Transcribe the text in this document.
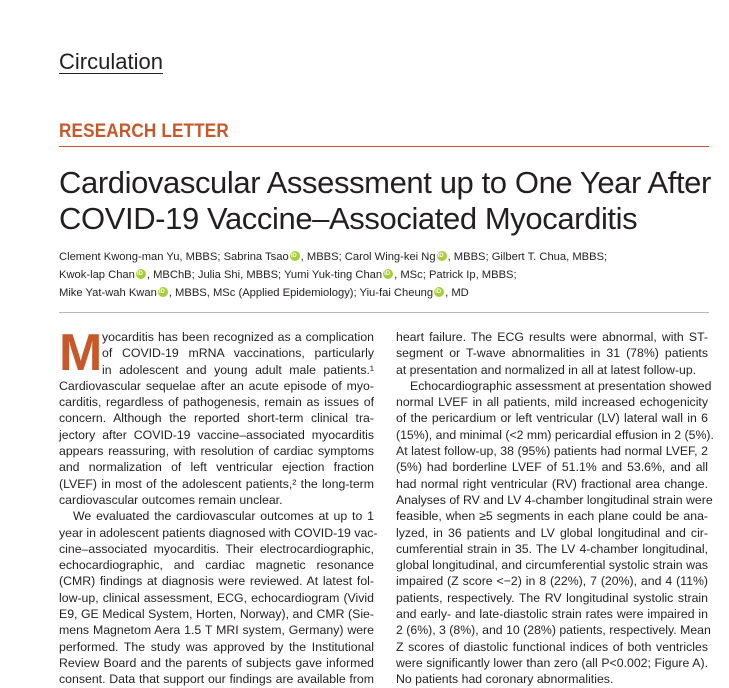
Circulation
RESEARCH LETTER
Cardiovascular Assessment up to One Year After
COVID-19 Vaccine–Associated Myocarditis
Clement Kwong-man Yu, MBBS; Sabrina Tsao iD , MBBS; Carol Wing-kei Ng iD , MBBS; Gilbert T. Chua, MBBS;
Kwok-lap Chan iD , MBChB; Julia Shi, MBBS; Yumi Yuk-ting Chan iD , MSc; Patrick Ip, MBBS;
Mike Yat-wah Kwan iD , MBBS, MSc (Applied Epidemiology); Yiu-fai Cheung iD , MD
M yocarditis has been recognized as a complication
of COVID-19 mRNA vaccinations, particularly
in adolescent and young adult male patients.¹
Cardiovascular sequelae after an acute episode of myo-
carditis, regardless of pathogenesis, remain as issues of
concern. Although the reported short-term clinical tra-
jectory after COVID-19 vaccine–associated myocarditis
appears reassuring, with resolution of cardiac symptoms
and normalization of left ventricular ejection fraction
(LVEF) in most of the adolescent patients,² the long-term
cardiovascular outcomes remain unclear.
We evaluated the cardiovascular outcomes at up to 1
year in adolescent patients diagnosed with COVID-19 vac-
cine–associated myocarditis. Their electrocardiographic,
echocardiographic, and cardiac magnetic resonance
(CMR) findings at diagnosis were reviewed. At latest fol-
low-up, clinical assessment, ECG, echocardiogram (Vivid
E9, GE Medical System, Horten, Norway), and CMR (Sie-
mens Magnetom Aera 1.5 T MRI system, Germany) were
performed. The study was approved by the Institutional
Review Board and the parents of subjects gave informed
consent. Data that support our findings are available from
heart failure. The ECG results were abnormal, with ST-
segment or T-wave abnormalities in 31 (78%) patients
at presentation and normalized in all at latest follow-up.
Echocardiographic assessment at presentation showed
normal LVEF in all patients, mild increased echogenicity
of the pericardium or left ventricular (LV) lateral wall in 6
(15%), and minimal (<2 mm) pericardial effusion in 2 (5%).
At latest follow-up, 38 (95%) patients had normal LVEF, 2
(5%) had borderline LVEF of 51.1% and 53.6%, and all
had normal right ventricular (RV) fractional area change.
Analyses of RV and LV 4-chamber longitudinal strain were
feasible, when ≥5 segments in each plane could be ana-
lyzed, in 36 patients and LV global longitudinal and cir-
cumferential strain in 35. The LV 4-chamber longitudinal,
global longitudinal, and circumferential systolic strain was
impaired (Z score <−2) in 8 (22%), 7 (20%), and 4 (11%)
patients, respectively. The RV longitudinal systolic strain
and early- and late-diastolic strain rates were impaired in
2 (6%), 3 (8%), and 10 (28%) patients, respectively. Mean
Z scores of diastolic functional indices of both ventricles
were significantly lower than zero (all P<0.002; Figure A).
No patients had coronary abnormalities.
